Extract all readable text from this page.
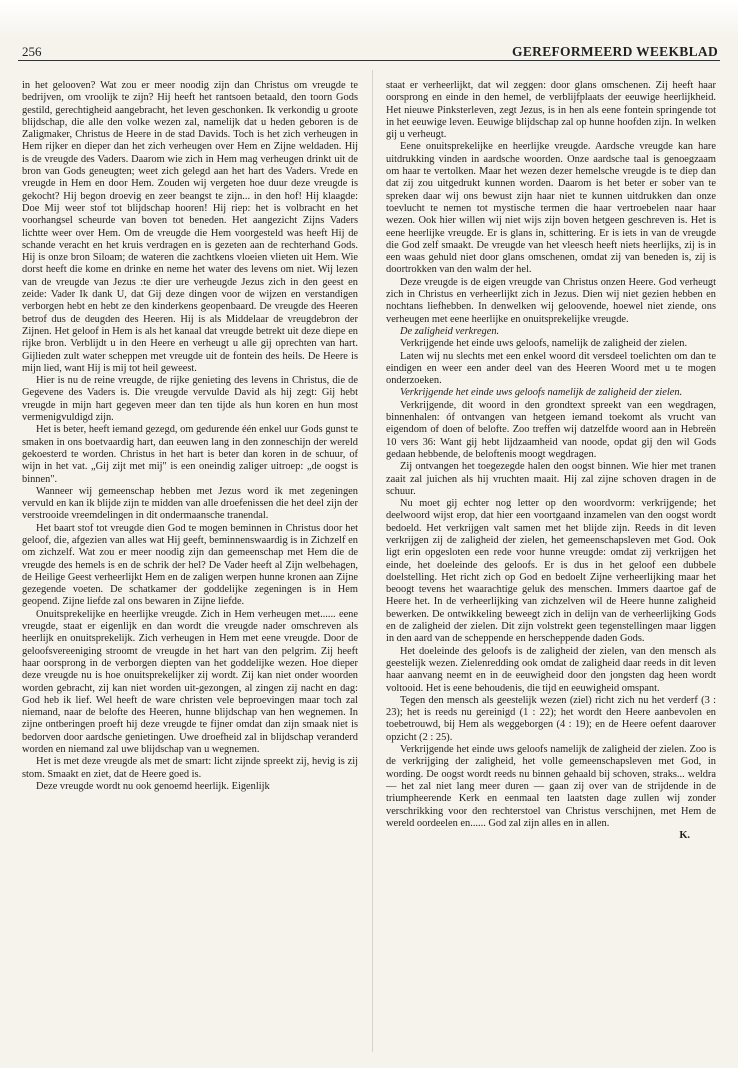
256	GEREFORMEERD WEEKBLAD

in het gelooven? Wat zou er meer noodig zijn dan Christus om vreugde te bedrijven, om vroolijk te zijn? Hij heeft het rantsoen betaald, den toorn Gods gestild, gerechtigheid aangebracht, het leven geschonken. Ik verkondig u groote blijdschap, die alle den volke wezen zal, namelijk dat u heden geboren is de Zaligmaker, Christus de Heere in de stad Davids. Toch is het zich verheugen in Hem rijker en dieper dan het zich verheugen over Hem en Zijne weldaden. Hij is de vreugde des Vaders. Daarom wie zich in Hem mag verheugen drinkt uit de bron van Gods geneugten; weet zich gelegd aan het hart des Vaders. Vrede en vreugde in Hem en door Hem. Zouden wij vergeten hoe duur deze vreugde is gekocht? Hij begon droevig en zeer beangst te zijn... in den hof! Hij klaagde: Doe Mij weer stof tot blijdschap hooren! Hij riep: het is volbracht en het voorhangsel scheurde van boven tot beneden. Het aangezicht Zijns Vaders lichtte weer over Hem. Om de vreugde die Hem voorgesteld was heeft Hij de schande veracht en het kruis verdragen en is gezeten aan de rechterhand Gods. Hij is onze bron Siloam; de wateren die zachtkens vloeien vlieten uit Hem. Wie dorst heeft die kome en drinke en neme het water des levens om niet. Wij lezen van de vreugde van Jezus :te dier ure verheugde Jezus zich in den geest en zeide: Vader Ik dank U, dat Gij deze dingen voor de wijzen en verstandigen verborgen hebt en hebt ze den kinderkens geopenbaard. De vreugde des Heeren betrof dus de deugden des Heeren. Hij is als Middelaar de vreugdebron der Zijnen. Het geloof in Hem is als het kanaal dat vreugde betrekt uit deze diepe en rijke bron. Verblijdt u in den Heere en verheugt u alle gij oprechten van hart. Gijlieden zult water scheppen met vreugde uit de fontein des heils. De Heere is mijn lied, want Hij is mij tot heil geweest.

Hier is nu de reine vreugde, de rijke genieting des levens in Christus, die de Gegevene des Vaders is. Die vreugde vervulde David als hij zegt: Gij hebt vreugde in mijn hart gegeven meer dan ten tijde als hun koren en hun most vermenigvuldigd zijn.

Het is beter, heeft iemand gezegd, om gedurende één enkel uur Gods gunst te smaken in ons boetvaardig hart, dan eeuwen lang in den zonneschijn der wereld gekoesterd te worden. Christus in het hart is beter dan koren in de schuur, of wijn in het vat. „Gij zijt met mij" is een oneindig zaliger uitroep: „de oogst is binnen".

Wanneer wij gemeenschap hebben met Jezus word ik met zegeningen vervuld en kan ik blijde zijn te midden van alle droefenissen die het deel zijn der verstrooide vreemdelingen in dit ondermaansche tranendal.

Het baart stof tot vreugde dien God te mogen beminnen in Christus door het geloof, die, afgezien van alles wat Hij geeft, beminnenswaardig is in Zichzelf en om zichzelf. Wat zou er meer noodig zijn dan gemeenschap met Hem die de vreugde des hemels is en de schrik der hel? De Vader heeft al Zijn welbehagen, de Heilige Geest verheerlijkt Hem en de zaligen werpen hunne kronen aan Zijne gezegende voeten. De schatkamer der goddelijke zegeningen is in Hem geopend. Zijne liefde zal ons bewaren in Zijne liefde.

Onuitsprekelijke en heerlijke vreugde. Zich in Hem verheugen met...... eene vreugde, staat er eigenlijk en dan wordt die vreugde nader omschreven als heerlijk en onuitsprekelijk. Zich verheugen in Hem met eene vreugde. Door de geloofsvereeniging stroomt de vreugde in het hart van den pelgrim. Zij heeft haar oorsprong in de verborgen diepten van het goddelijke wezen. Hoe dieper deze vreugde nu is hoe onuitsprekelijker zij wordt. Zij kan niet onder woorden worden gebracht, zij kan niet worden uit-gezongen, al zingen zij nacht en dag: God heb ik lief. Wel heeft de ware christen vele beproevingen maar toch zal niemand, naar de belofte des Heeren, hunne blijdschap van hen wegnemen. In zijne ontberingen proeft hij deze vreugde te fijner omdat dan zijn smaak niet is bedorven door aardsche genietingen. Uwe droefheid zal in blijdschap veranderd worden en niemand zal uwe blijdschap van u wegnemen.

Het is met deze vreugde als met de smart: licht zijnde spreekt zij, hevig is zij stom. Smaakt en ziet, dat de Heere goed is.

Deze vreugde wordt nu ook genoemd heerlijk. Eigenlijk

staat er verheerlijkt, dat wil zeggen: door glans omschenen. Zij heeft haar oorsprong en einde in den hemel, de verblijfplaats der eeuwige heerlijkheid. Het nieuwe Pinksterleven, zegt Jezus, is in hen als eene fontein springende tot in het eeuwige leven. Eeuwige blijdschap zal op hunne hoofden zijn. In welken gij u verheugt.

Eene onuitsprekelijke en heerlijke vreugde. Aardsche vreugde kan hare uitdrukking vinden in aardsche woorden. Onze aardsche taal is genoegzaam om haar te vertolken. Maar het wezen dezer hemelsche vreugde is te diep dan dat zij zou uitgedrukt kunnen worden. Daarom is het beter er sober van te spreken daar wij ons bewust zijn haar niet te kunnen uitdrukken dan onze toevlucht te nemen tot mystische termen die haar vertroebelen naar haar wezen. Ook hier willen wij niet wijs zijn boven hetgeen geschreven is. Het is eene heerlijke vreugde. Er is glans in, schittering. Er is iets in van de vreugde die God zelf smaakt. De vreugde van het vleesch heeft niets heerlijks, zij is in een waas gehuld niet door glans omschenen, omdat zij van beneden is, zij is doortrokken van den walm der hel.

Deze vreugde is de eigen vreugde van Christus onzen Heere. God verheugt zich in Christus en verheerlijkt zich in Jezus. Dien wij niet gezien hebben en nochtans liefhebben. In denwelken wij geloovende, hoewel niet ziende, ons verheugen met eene heerlijke en onuitsprekelijke vreugde.

De zaligheid verkregen.

Verkrijgende het einde uws geloofs, namelijk de zaligheid der zielen.

Laten wij nu slechts met een enkel woord dit versdeel toelichten om dan te eindigen en weer een ander deel van des Heeren Woord met u te mogen onderzoeken.

Verkrijgende het einde uws geloofs namelijk de zaligheid der zielen.

Verkrijgende, dit woord in den grondtext spreekt van een wegdragen, binnenhalen: óf ontvangen van hetgeen iemand toekomt als vrucht van eigendom of doen of belofte. Zoo treffen wij datzelfde woord aan in Hebreën 10 vers 36: Want gij hebt lijdzaamheid van noode, opdat gij den wil Gods gedaan hebbende, de beloftenis moogt wegdragen.

Zij ontvangen het toegezegde halen den oogst binnen. Wie hier met tranen zaait zal juichen als hij vruchten maait. Hij zal zijne schoven dragen in de schuur.

Nu moet gij echter nog letter op den woordvorm: verkrijgende; het deelwoord wijst erop, dat hier een voortgaand inzamelen van den oogst wordt bedoeld. Het verkrijgen valt samen met het blijde zijn. Reeds in dit leven verkrijgen zij de zaligheid der zielen, het gemeenschapsleven met God. Ook ligt erin opgesloten een rede voor hunne vreugde: omdat zij verkrijgen het einde, het doeleinde des geloofs. Er is dus in het geloof een dubbele doelstelling. Het richt zich op God en bedoelt Zijne verheerlijking maar het beoogt tevens het waarachtige geluk des menschen. Immers daartoe gaf de Heere het. In de verheerlijking van zichzelven wil de Heere hunne zaligheid bewerken. De ontwikkeling beweegt zich in delijn van de verheerlijking Gods en de zaligheid der zielen. Dit zijn volstrekt geen tegenstellingen maar liggen in den aard van de scheppende en herscheppende daden Gods.

Het doeleinde des geloofs is de zaligheid der zielen, van den mensch als geestelijk wezen. Zielenredding ook omdat de zaligheid daar reeds in dit leven haar aanvang neemt en in de eeuwigheid door den jongsten dag heen wordt voltooid. Het is eene behoudenis, die tijd en eeuwigheid omspant.

Tegen den mensch als geestelijk wezen (ziel) richt zich nu het verderf (3 : 23); het is reeds nu gereinigd (1 : 22); het wordt den Heere aanbevolen en toebetrouwd, bij Hem als weggeborgen (4 : 19); en de Heere oefent daarover opzicht (2 : 25).

Verkrijgende het einde uws geloofs namelijk de zaligheid der zielen. Zoo is de verkrijging der zaligheid, het volle gemeenschapsleven met God, in wording. De oogst wordt reeds nu binnen gehaald bij schoven, straks... weldra — het zal niet lang meer duren — gaan zij over van de strijdende in de triumpheerende Kerk en eenmaal ten laatsten dage zullen wij zonder verschrikking voor den rechterstoel van Christus verschijnen, met Hem de wereld oordeelen en...... God zal zijn alles en in allen.

K.
